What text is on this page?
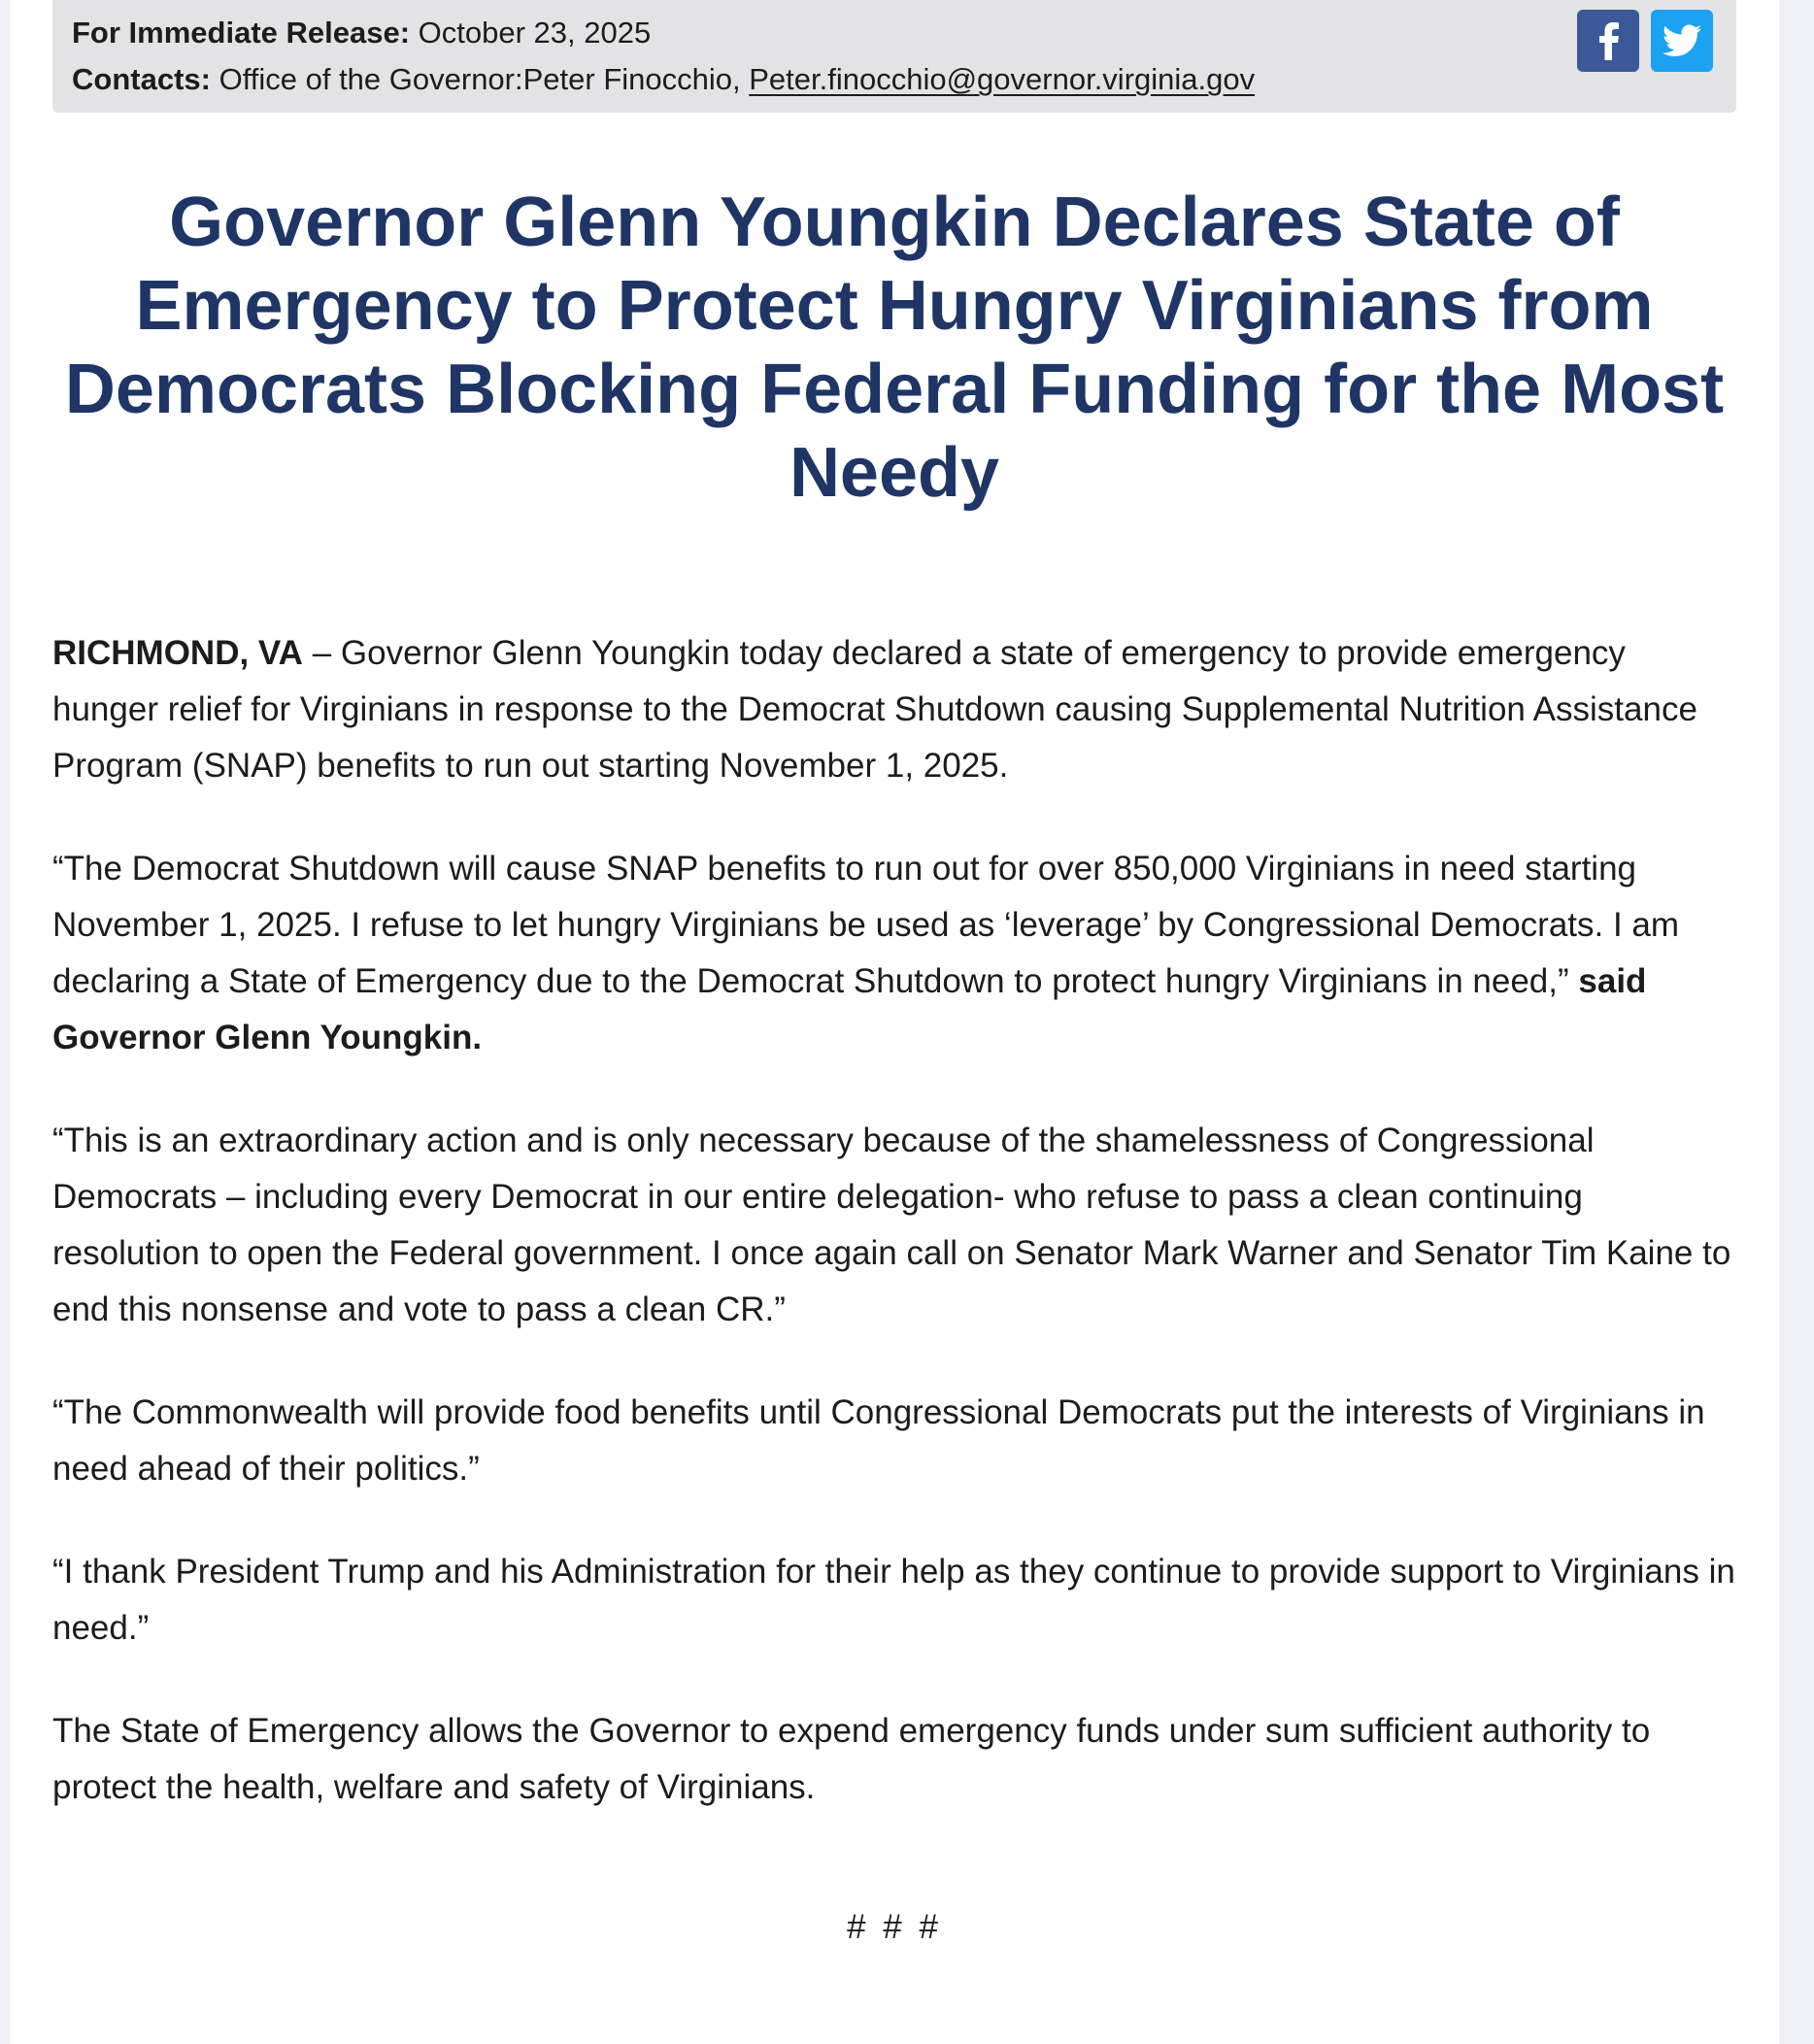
For Immediate Release: October 23, 2025
Contacts: Office of the Governor:Peter Finocchio, Peter.finocchio@governor.virginia.gov
Governor Glenn Youngkin Declares State of Emergency to Protect Hungry Virginians from Democrats Blocking Federal Funding for the Most Needy

RICHMOND, VA – Governor Glenn Youngkin today declared a state of emergency to provide emergency hunger relief for Virginians in response to the Democrat Shutdown causing Supplemental Nutrition Assistance Program (SNAP) benefits to run out starting November 1, 2025.

“The Democrat Shutdown will cause SNAP benefits to run out for over 850,000 Virginians in need starting November 1, 2025. I refuse to let hungry Virginians be used as ‘leverage’ by Congressional Democrats. I am declaring a State of Emergency due to the Democrat Shutdown to protect hungry Virginians in need,” said Governor Glenn Youngkin.

“This is an extraordinary action and is only necessary because of the shamelessness of Congressional Democrats – including every Democrat in our entire delegation- who refuse to pass a clean continuing resolution to open the Federal government. I once again call on Senator Mark Warner and Senator Tim Kaine to end this nonsense and vote to pass a clean CR.”

“The Commonwealth will provide food benefits until Congressional Democrats put the interests of Virginians in need ahead of their politics.”

“I thank President Trump and his Administration for their help as they continue to provide support to Virginians in need.”

The State of Emergency allows the Governor to expend emergency funds under sum sufficient authority to protect the health, welfare and safety of Virginians.

# # #
